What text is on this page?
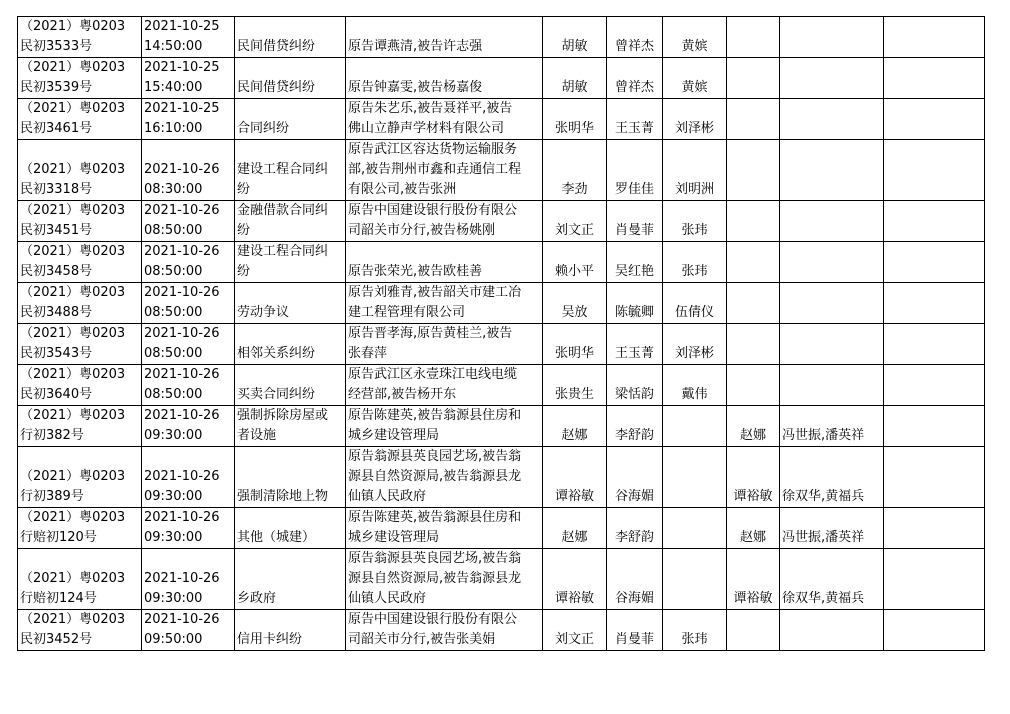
（2021）粤0203
民初3533号	2021-10-25
14:50:00	民间借贷纠纷	原告谭燕清,被告许志强	胡敏	曾祥杰	黄嫔			
（2021）粤0203
民初3539号	2021-10-25
15:40:00	民间借贷纠纷	原告钟嘉雯,被告杨嘉俊	胡敏	曾祥杰	黄嫔			
（2021）粤0203
民初3461号	2021-10-25
16:10:00	合同纠纷	原告朱艺乐,被告聂祥平,被告
佛山立静声学材料有限公司	张明华	王玉菁	刘泽彬			
（2021）粤0203
民初3318号	2021-10-26
08:30:00	建设工程合同纠
纷	原告武江区容达货物运输服务
部,被告荆州市鑫和垚通信工程
有限公司,被告张洲	李劲	罗佳佳	刘明洲			
（2021）粤0203
民初3451号	2021-10-26
08:50:00	金融借款合同纠
纷	原告中国建设银行股份有限公
司韶关市分行,被告杨姚刚	刘文正	肖曼菲	张玮			
（2021）粤0203
民初3458号	2021-10-26
08:50:00	建设工程合同纠
纷	原告张荣光,被告欧桂善	赖小平	吴红艳	张玮			
（2021）粤0203
民初3488号	2021-10-26
08:50:00	劳动争议	原告刘雅青,被告韶关市建工冶
建工程管理有限公司	吴放	陈毓卿	伍倩仪			
（2021）粤0203
民初3543号	2021-10-26
08:50:00	相邻关系纠纷	原告晋孝海,原告黄桂兰,被告
张春萍	张明华	王玉菁	刘泽彬			
（2021）粤0203
民初3640号	2021-10-26
08:50:00	买卖合同纠纷	原告武江区永壹珠江电线电缆
经营部,被告杨开东	张贵生	梁恬韵	戴伟			
（2021）粤0203
行初382号	2021-10-26
09:30:00	强制拆除房屋或
者设施	原告陈建英,被告翁源县住房和
城乡建设管理局	赵娜	李舒韵		赵娜	冯世振,潘英祥	
（2021）粤0203
行初389号	2021-10-26
09:30:00	强制清除地上物	原告翁源县英良园艺场,被告翁
源县自然资源局,被告翁源县龙
仙镇人民政府	谭裕敏	谷海媚		谭裕敏	徐双华,黄福兵	
（2021）粤0203
行赔初120号	2021-10-26
09:30:00	其他（城建）	原告陈建英,被告翁源县住房和
城乡建设管理局	赵娜	李舒韵		赵娜	冯世振,潘英祥	
（2021）粤0203
行赔初124号	2021-10-26
09:30:00	乡政府	原告翁源县英良园艺场,被告翁
源县自然资源局,被告翁源县龙
仙镇人民政府	谭裕敏	谷海媚		谭裕敏	徐双华,黄福兵	
（2021）粤0203
民初3452号	2021-10-26
09:50:00	信用卡纠纷	原告中国建设银行股份有限公
司韶关市分行,被告张美娟	刘文正	肖曼菲	张玮			
